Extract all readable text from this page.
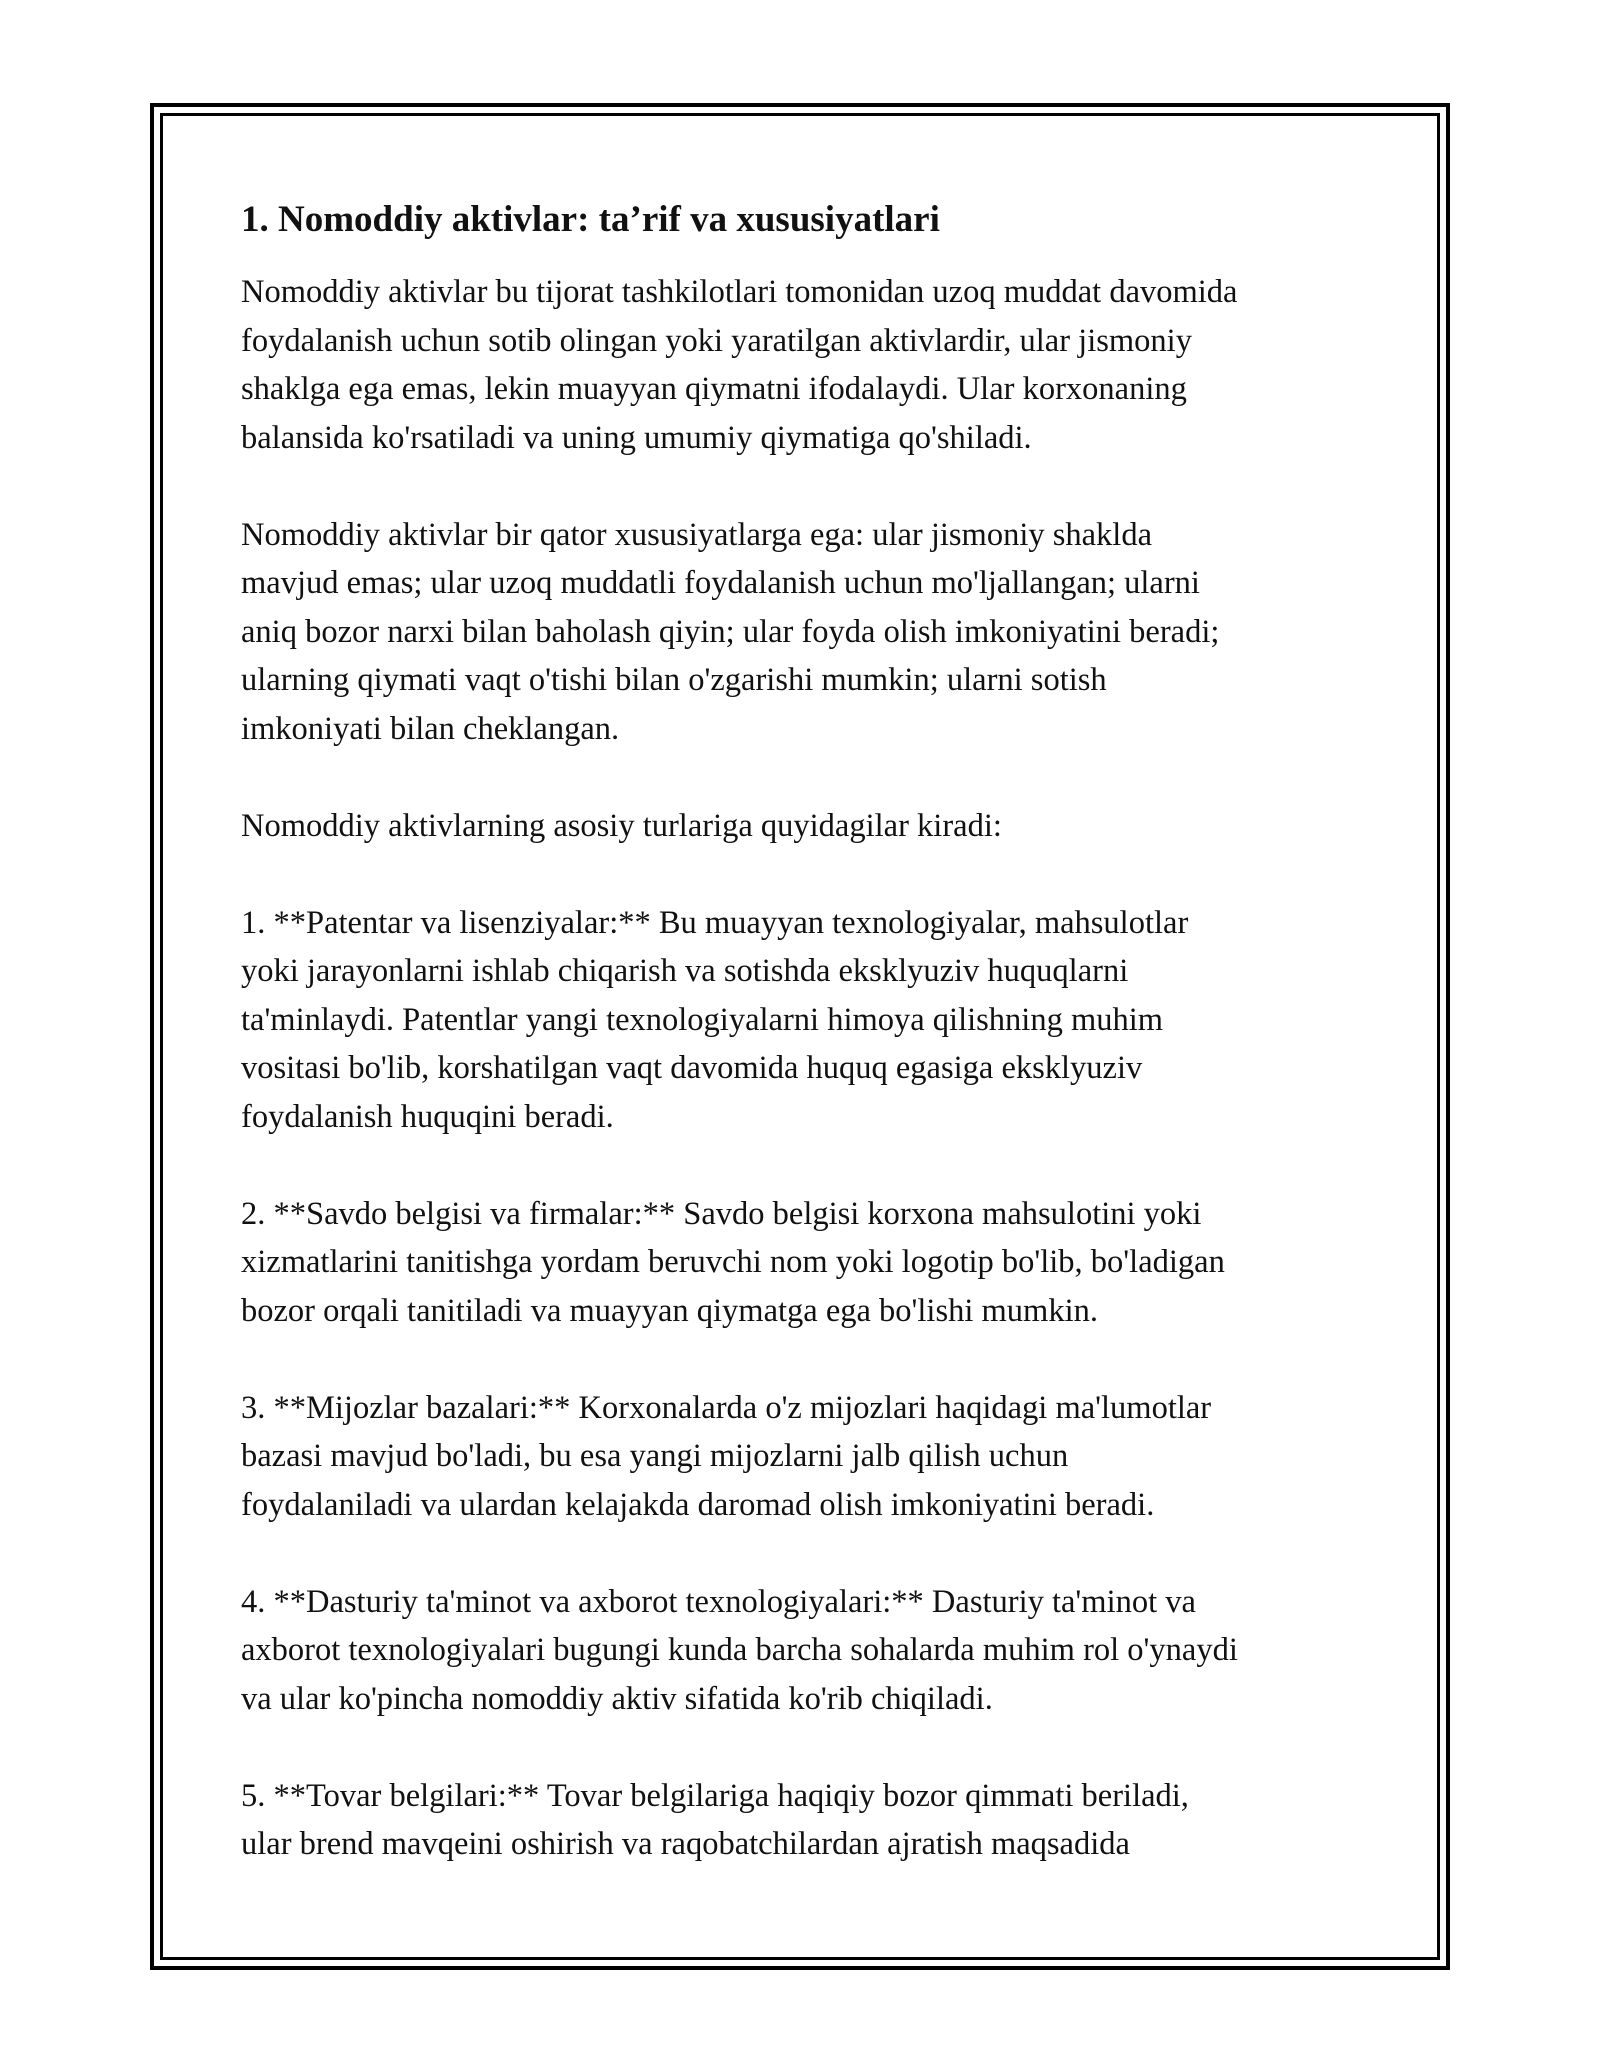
1. Nomoddiy aktivlar: ta’rif va xususiyatlari

Nomoddiy aktivlar bu tijorat tashkilotlari tomonidan uzoq muddat davomida
foydalanish uchun sotib olingan yoki yaratilgan aktivlardir, ular jismoniy
shaklga ega emas, lekin muayyan qiymatni ifodalaydi. Ular korxonaning
balansida ko'rsatiladi va uning umumiy qiymatiga qo'shiladi.

Nomoddiy aktivlar bir qator xususiyatlarga ega: ular jismoniy shaklda
mavjud emas; ular uzoq muddatli foydalanish uchun mo'ljallangan; ularni
aniq bozor narxi bilan baholash qiyin; ular foyda olish imkoniyatini beradi;
ularning qiymati vaqt o'tishi bilan o'zgarishi mumkin; ularni sotish
imkoniyati bilan cheklangan.

Nomoddiy aktivlarning asosiy turlariga quyidagilar kiradi:

1. **Patentar va lisenziyalar:** Bu muayyan texnologiyalar, mahsulotlar
yoki jarayonlarni ishlab chiqarish va sotishda eksklyuziv huquqlarni
ta'minlaydi. Patentlar yangi texnologiyalarni himoya qilishning muhim
vositasi bo'lib, korshatilgan vaqt davomida huquq egasiga eksklyuziv
foydalanish huquqini beradi.

2. **Savdo belgisi va firmalar:** Savdo belgisi korxona mahsulotini yoki
xizmatlarini tanitishga yordam beruvchi nom yoki logotip bo'lib, bo'ladigan
bozor orqali tanitiladi va muayyan qiymatga ega bo'lishi mumkin.

3. **Mijozlar bazalari:** Korxonalarda o'z mijozlari haqidagi ma'lumotlar
bazasi mavjud bo'ladi, bu esa yangi mijozlarni jalb qilish uchun
foydalaniladi va ulardan kelajakda daromad olish imkoniyatini beradi.

4. **Dasturiy ta'minot va axborot texnologiyalari:** Dasturiy ta'minot va
axborot texnologiyalari bugungi kunda barcha sohalarda muhim rol o'ynaydi
va ular ko'pincha nomoddiy aktiv sifatida ko'rib chiqiladi.

5. **Tovar belgilari:** Tovar belgilariga haqiqiy bozor qimmati beriladi,
ular brend mavqeini oshirish va raqobatchilardan ajratish maqsadida
